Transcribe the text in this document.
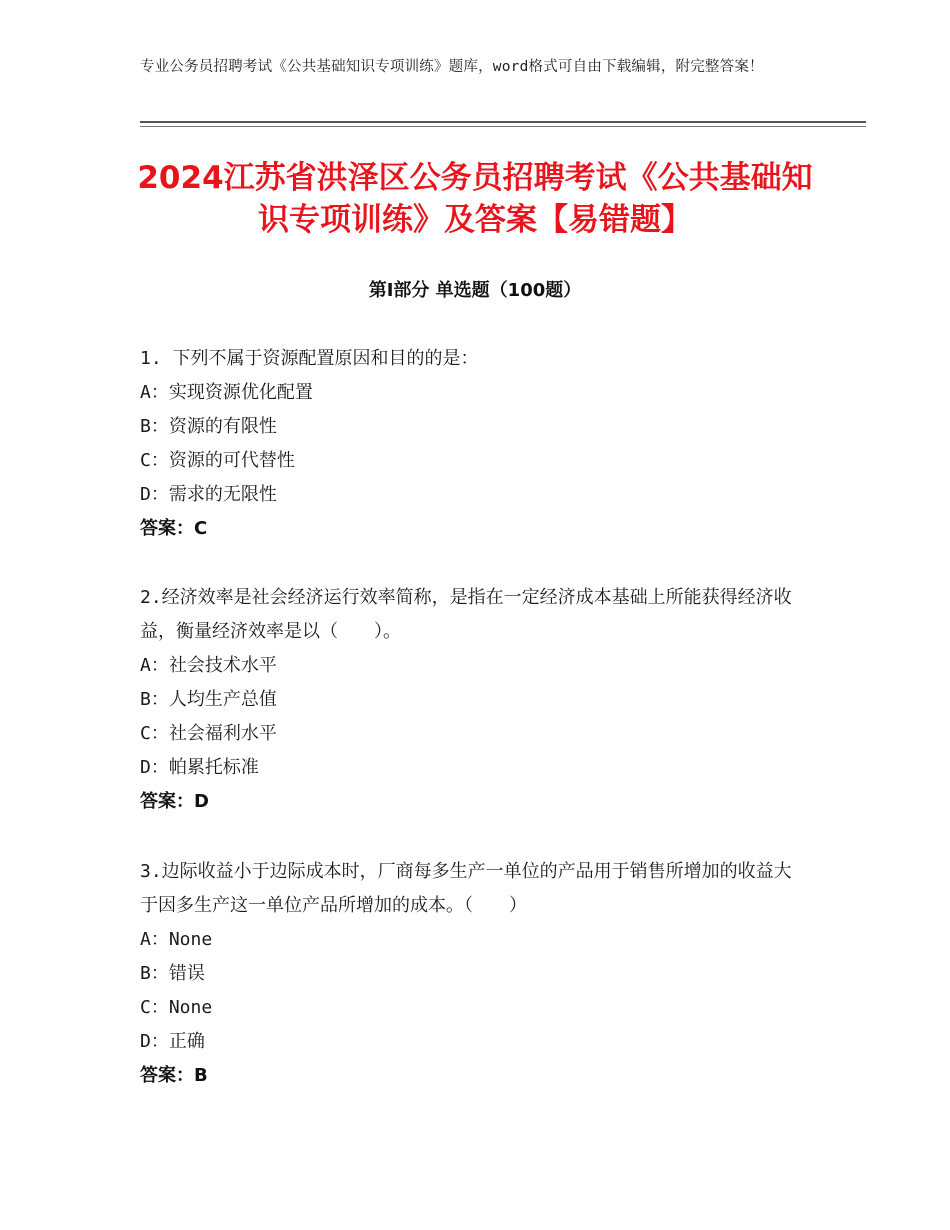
专业公务员招聘考试《公共基础知识专项训练》题库，word格式可自由下载编辑，附完整答案！
2024江苏省洪泽区公务员招聘考试《公共基础知识专项训练》及答案【易错题】
第Ⅰ部分 单选题（100题）

1. 下列不属于资源配置原因和目的的是：

A：实现资源优化配置

B：资源的有限性

C：资源的可代替性

D：需求的无限性

答案：C

2.经济效率是社会经济运行效率简称，是指在一定经济成本基础上所能获得经济收益，衡量经济效率是以（　　）。

A：社会技术水平

B：人均生产总值

C：社会福利水平

D：帕累托标准

答案：D

3.边际收益小于边际成本时，厂商每多生产一单位的产品用于销售所增加的收益大于因多生产这一单位产品所增加的成本。（　　）

A：None

B：错误

C：None

D：正确

答案：B
